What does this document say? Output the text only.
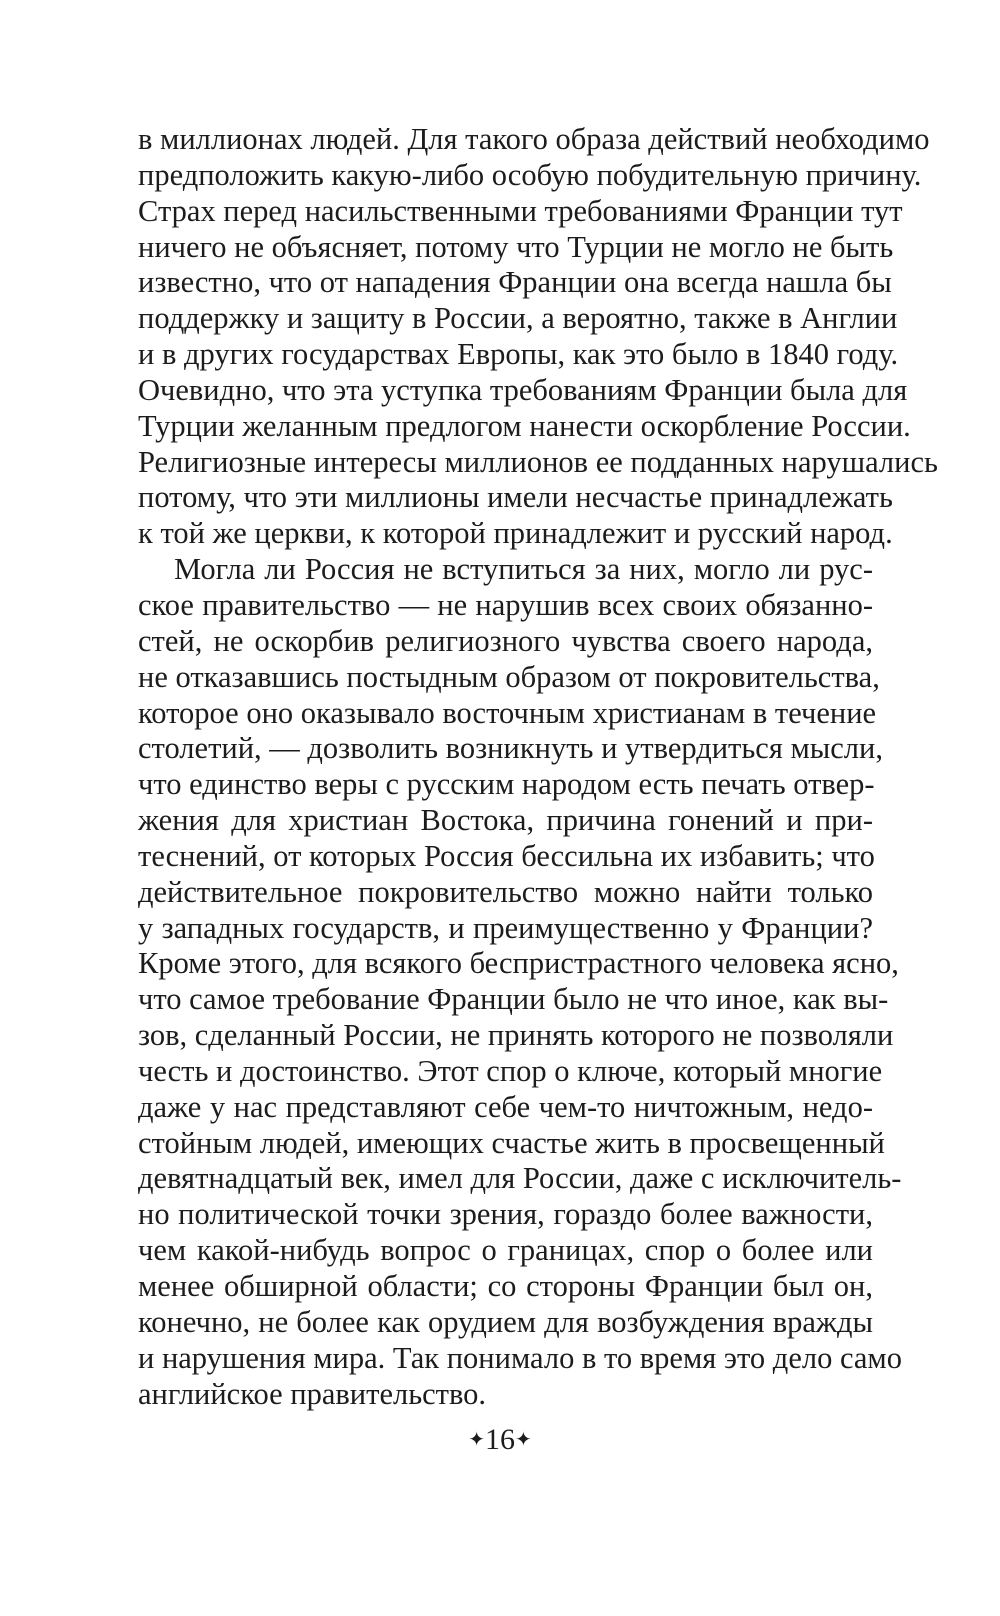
в миллионах людей. Для такого образа действий необходимо
предположить какую-либо особую побудительную причину.
Страх перед насильственными требованиями Франции тут
ничего не объясняет, потому что Турции не могло не быть
известно, что от нападения Франции она всегда нашла бы
поддержку и защиту в России, а вероятно, также в Англии
и в других государствах Европы, как это было в 1840 году.
Очевидно, что эта уступка требованиям Франции была для
Турции желанным предлогом нанести оскорбление России.
Религиозные интересы миллионов ее подданных нарушались
потому, что эти миллионы имели несчастье принадлежать
к той же церкви, к которой принадлежит и русский народ.
Могла ли Россия не вступиться за них, могло ли рус-
ское правительство — не нарушив всех своих обязанно-
стей, не оскорбив религиозного чувства своего народа,
не отказавшись постыдным образом от покровительства,
которое оно оказывало восточным христианам в течение
столетий, — дозволить возникнуть и утвердиться мысли,
что единство веры с русским народом есть печать отвер-
жения для христиан Востока, причина гонений и при-
теснений, от которых Россия бессильна их избавить; что
действительное покровительство можно найти только
у западных государств, и преимущественно у Франции?
Кроме этого, для всякого беспристрастного человека ясно,
что самое требование Франции было не что иное, как вы-
зов, сделанный России, не принять которого не позволяли
честь и достоинство. Этот спор о ключе, который многие
даже у нас представляют себе чем-то ничтожным, недо-
стойным людей, имеющих счастье жить в просвещенный
девятнадцатый век, имел для России, даже с исключитель-
но политической точки зрения, гораздо более важности,
чем какой-нибудь вопрос о границах, спор о более или
менее обширной области; со стороны Франции был он,
конечно, не более как орудием для возбуждения вражды
и нарушения мира. Так понимало в то время это дело само
английское правительство.
✦16✦
